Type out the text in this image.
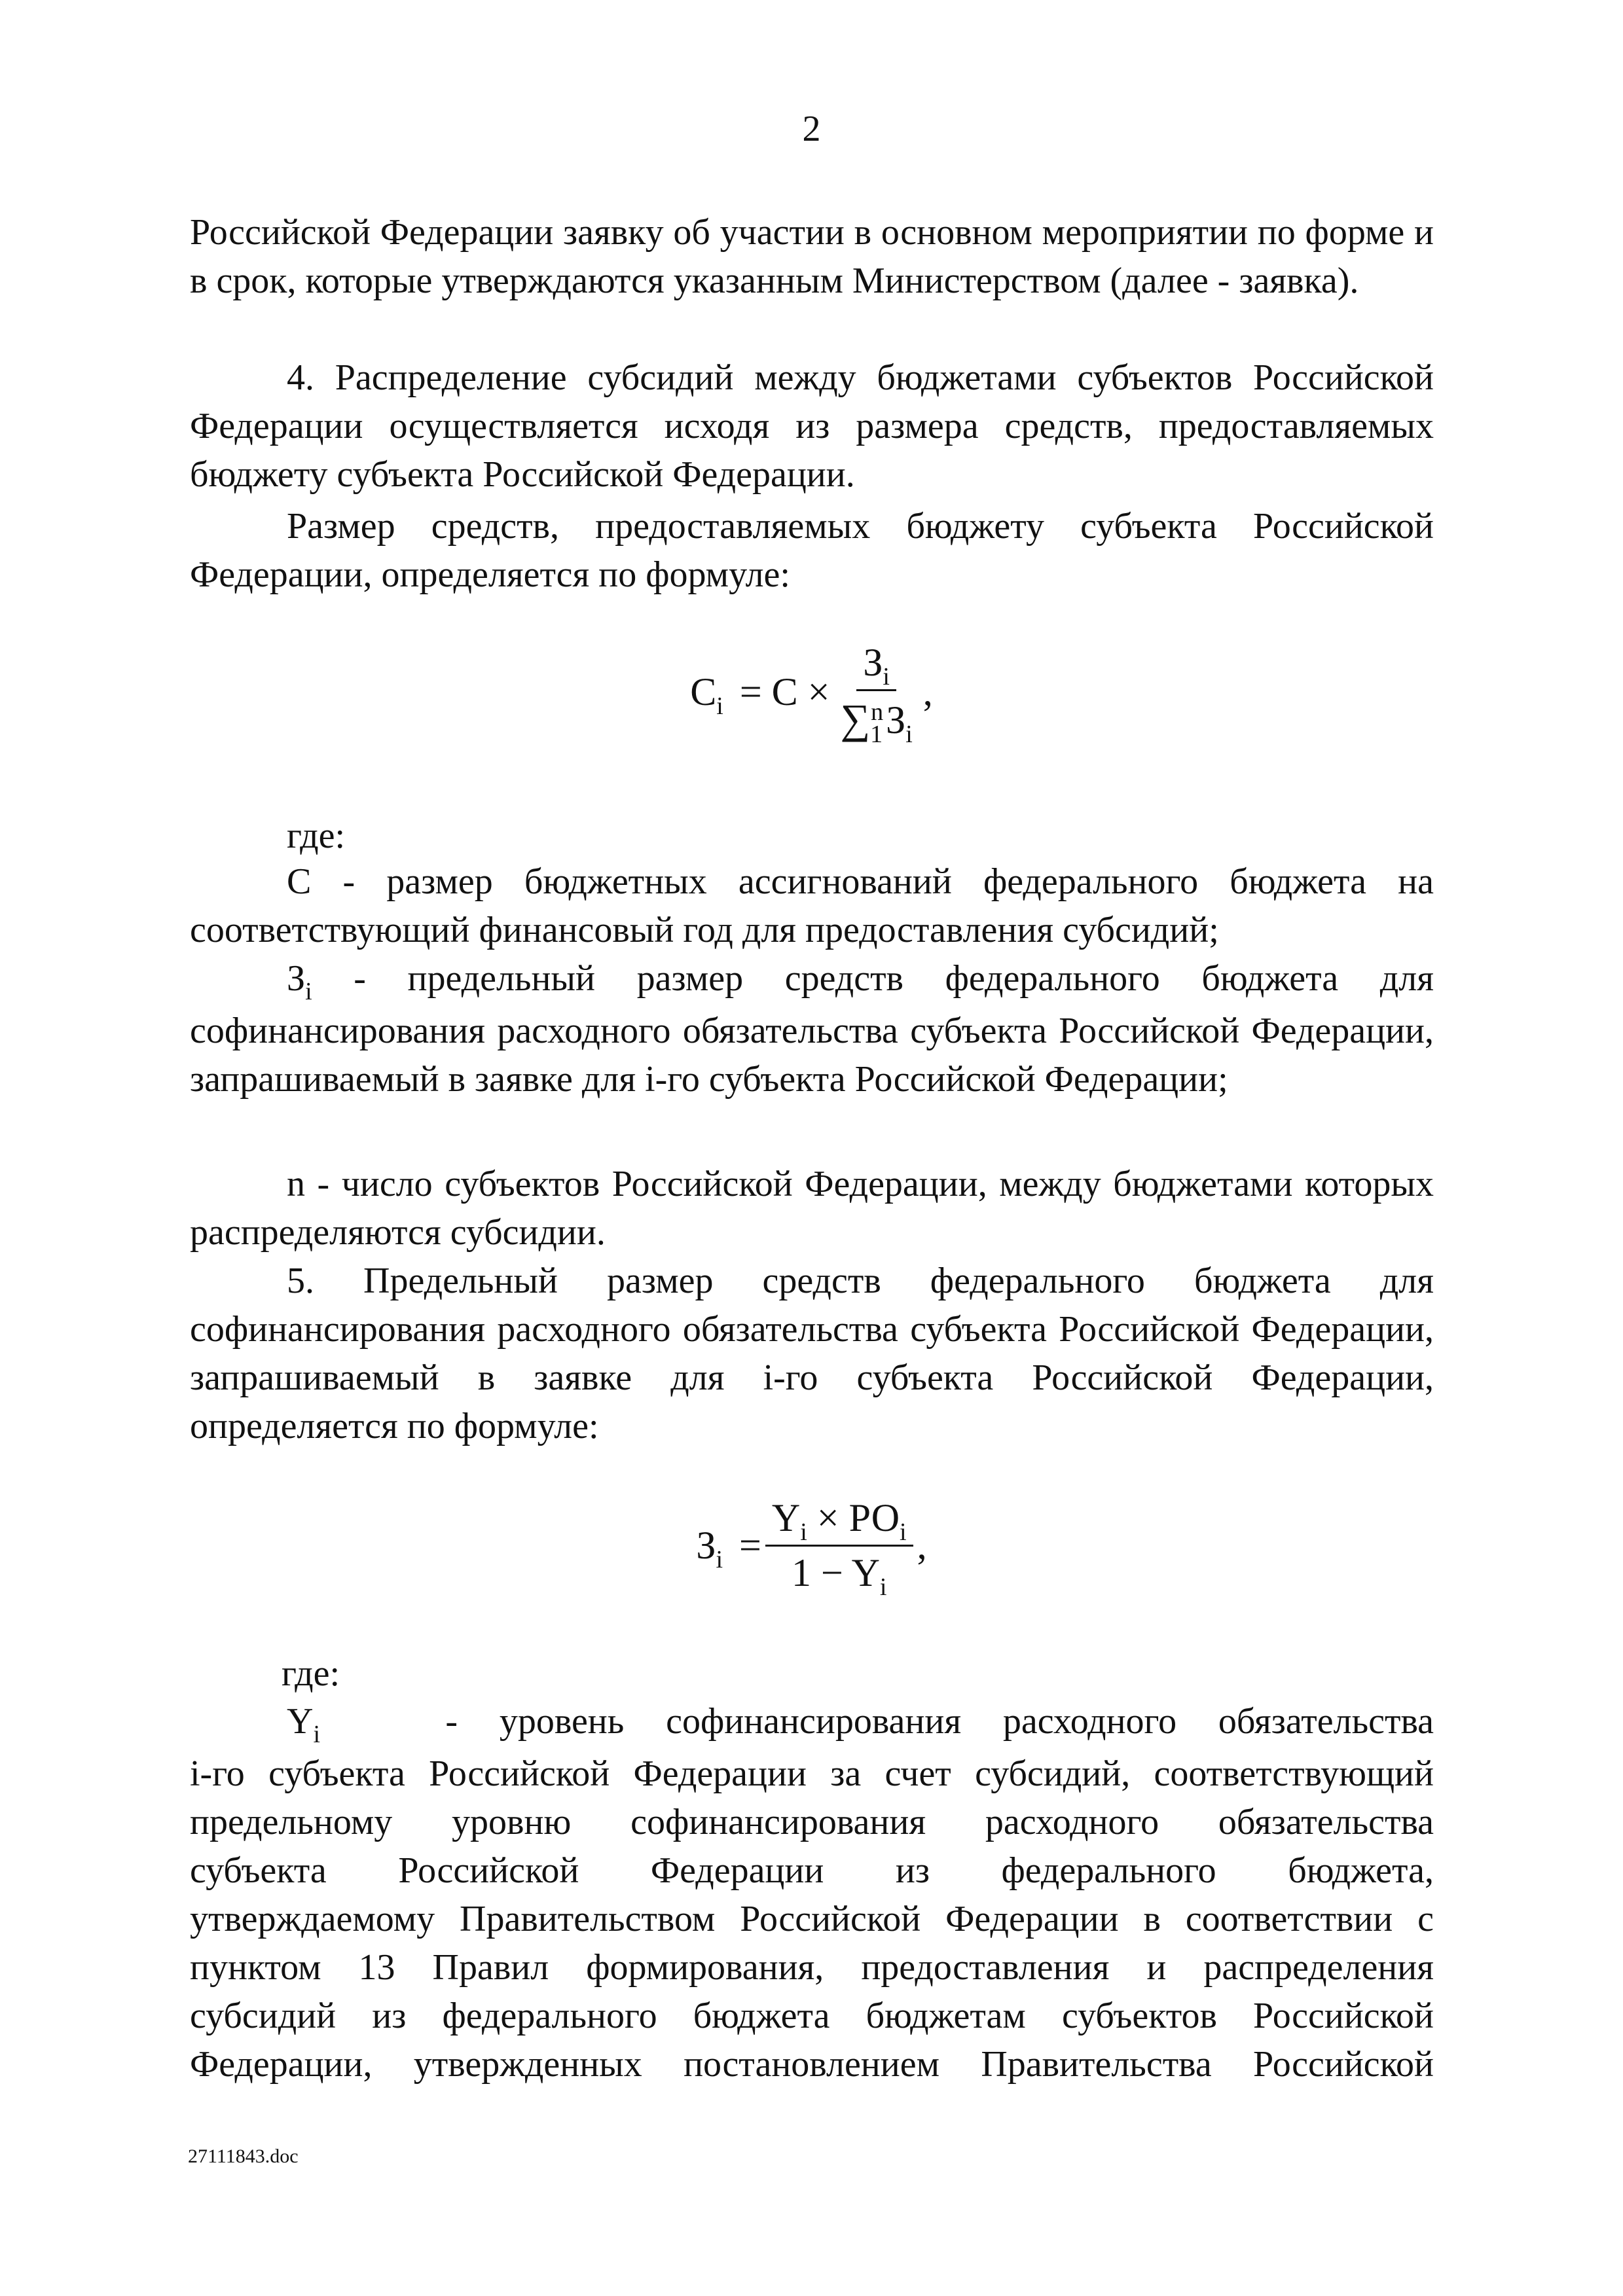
2

Российской Федерации заявку об участии в основном мероприятии по форме и в срок, которые утверждаются указанным Министерством (далее - заявка).

4. Распределение субсидий между бюджетами субъектов Российской Федерации осуществляется исходя из размера средств, предоставляемых бюджету субъекта Российской Федерации.

Размер средств, предоставляемых бюджету субъекта Российской Федерации, определяется по формуле:

$C_i = C \times \frac{З_i}{\sum_1^nЗ_i}$ ,

где:

С - размер бюджетных ассигнований федерального бюджета на соответствующий финансовый год для предоставления субсидий;

$З_i$ - предельный размер средств федерального бюджета для софинансирования расходного обязательства субъекта Российской Федерации, запрашиваемый в заявке для i-го субъекта Российской Федерации;

n - число субъектов Российской Федерации, между бюджетами которых распределяются субсидии.

5. Предельный размер средств федерального бюджета для софинансирования расходного обязательства субъекта Российской Федерации, запрашиваемый в заявке для i-го субъекта Российской Федерации, определяется по формуле:

$З_i = \frac{Y_i \times РО_i}{1 - Y_i}$ ,

где:

$Y_i$	- уровень софинансирования расходного обязательства
i-го субъекта Российской Федерации за счет субсидий, соответствующий
предельному уровню софинансирования расходного обязательства
субъекта Российской Федерации из федерального бюджета,
утверждаемому Правительством Российской Федерации в соответствии с
пунктом 13 Правил формирования, предоставления и распределения
субсидий из федерального бюджета бюджетам субъектов Российской
Федерации, утвержденных постановлением Правительства Российской
27111843.doc
